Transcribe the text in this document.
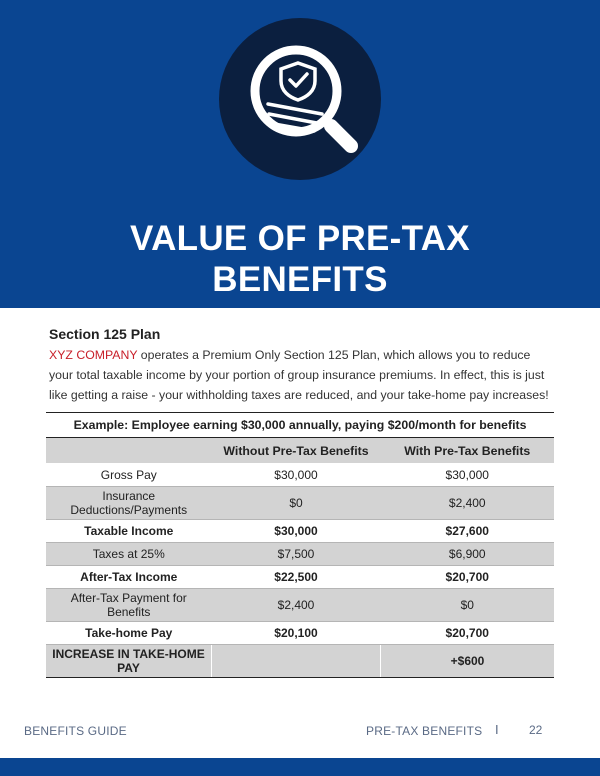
VALUE OF PRE-TAX
BENEFITS
Section 125 Plan

XYZ COMPANY operates a Premium Only Section 125 Plan, which allows you to reduce your total taxable income by your portion of group insurance premiums. In effect, this is just like getting a raise - your withholding taxes are reduced, and your take-home pay increases!

Example: Employee earning $30,000 annually, paying $200/month for benefits		
	Without Pre-Tax Benefits	With Pre-Tax Benefits
Gross Pay	$30,000	$30,000
Insurance
Deductions/Payments	$0	$2,400
Taxable Income	$30,000	$27,600
Taxes at 25%	$7,500	$6,900
After-Tax Income	$22,500	$20,700
After-Tax Payment for
Benefits	$2,400	$0
Take-home Pay	$20,100	$20,700
INCREASE IN TAKE-HOME
PAY		+$600
BENEFITS GUIDE	PRE-TAX BENEFITS I	22
